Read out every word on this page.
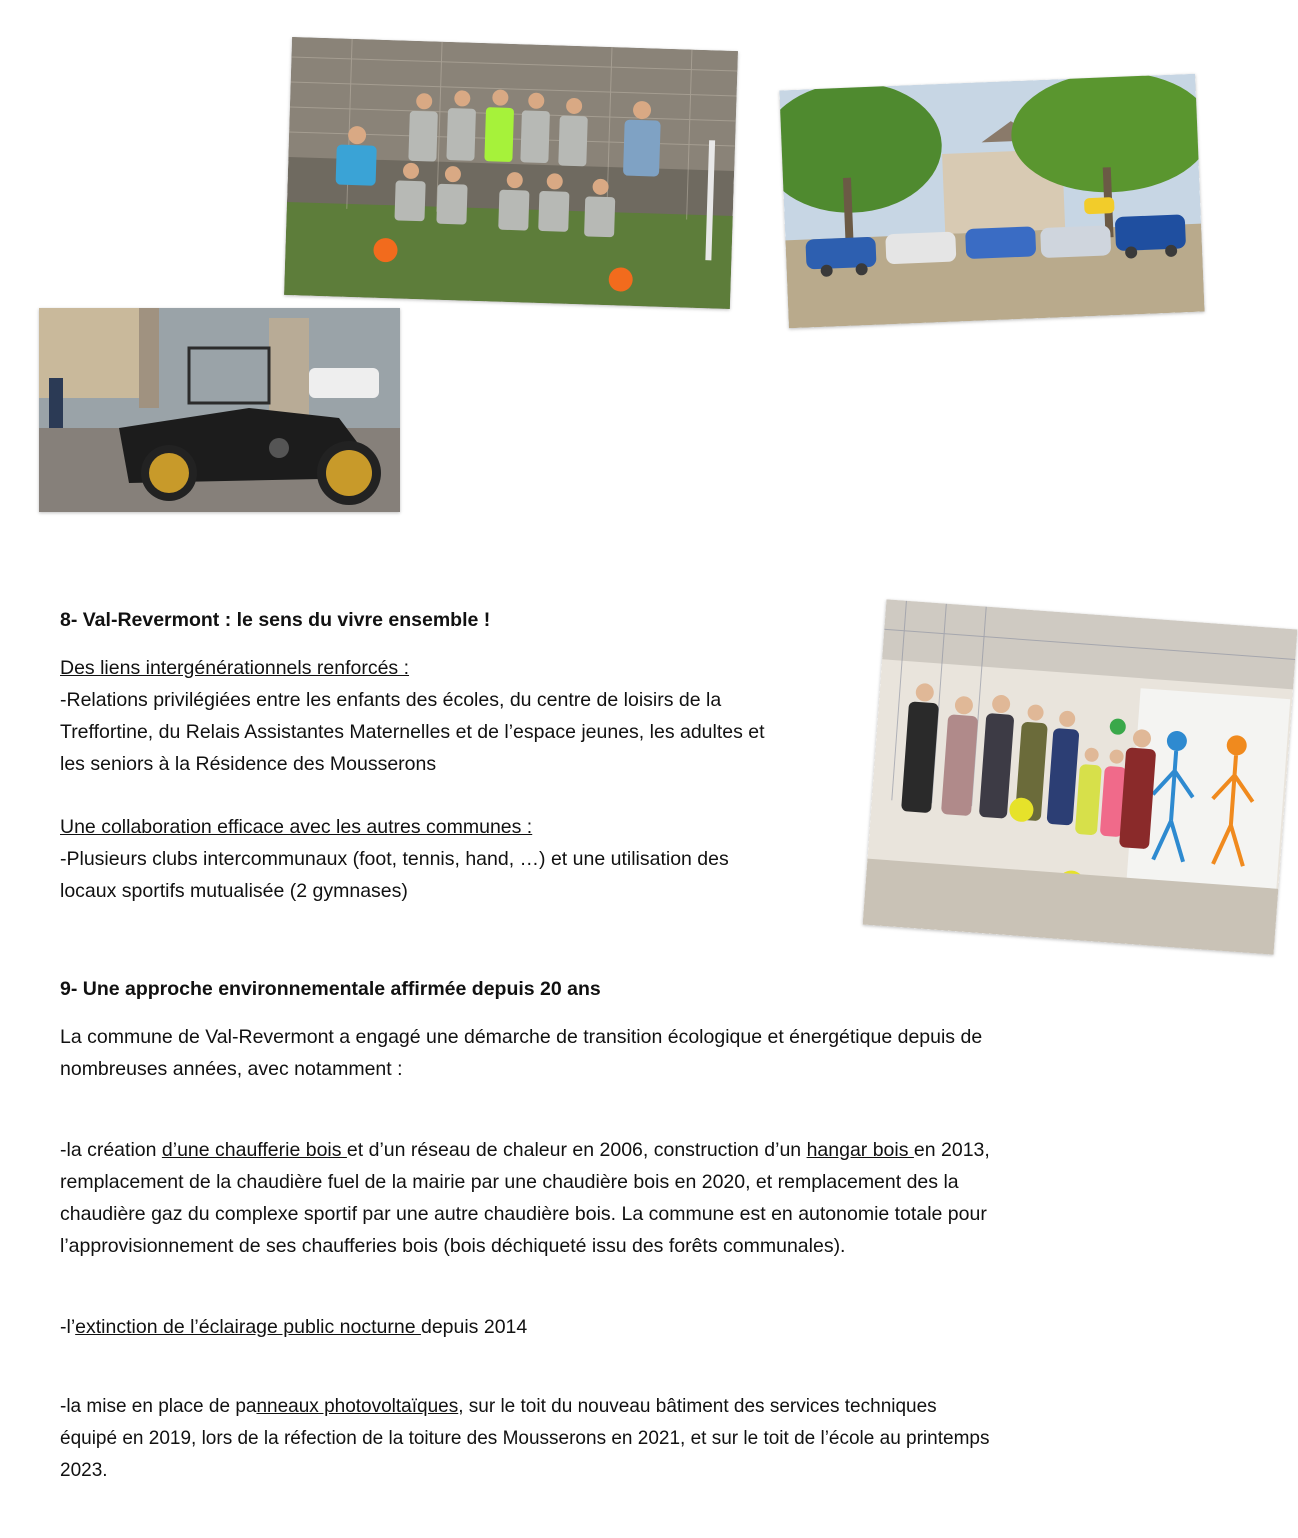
8- Val-Revermont : le sens du vivre ensemble !

Des liens intergénérationnels renforcés :

-Relations privilégiées entre les enfants des écoles, du centre de loisirs de la

Treffortine, du Relais Assistantes Maternelles et de l’espace jeunes, les adultes et

les seniors à la Résidence des Mousserons

Une collaboration efficace avec les autres communes :

-Plusieurs clubs intercommunaux (foot, tennis, hand, …) et une utilisation des

locaux sportifs mutualisée (2 gymnases)

9- Une approche environnementale affirmée depuis 20 ans

La commune de Val-Revermont a engagé une démarche de transition écologique et énergétique depuis de

nombreuses années, avec notamment :

-la création d’une chaufferie bois et d’un réseau de chaleur en 2006, construction d’un hangar bois en 2013,

remplacement de la chaudière fuel de la mairie par une chaudière bois en 2020, et remplacement des la

chaudière gaz du complexe sportif par une autre chaudière bois. La commune est en autonomie totale pour

l’approvisionnement de ses chaufferies bois (bois déchiqueté issu des forêts communales).

-l’extinction de l’éclairage public nocturne depuis 2014

-la mise en place de panneaux photovoltaïques, sur le toit du nouveau bâtiment des services techniques

équipé en 2019, lors de la réfection de la toiture des Mousserons en 2021, et sur le toit de l’école au printemps

2023.
